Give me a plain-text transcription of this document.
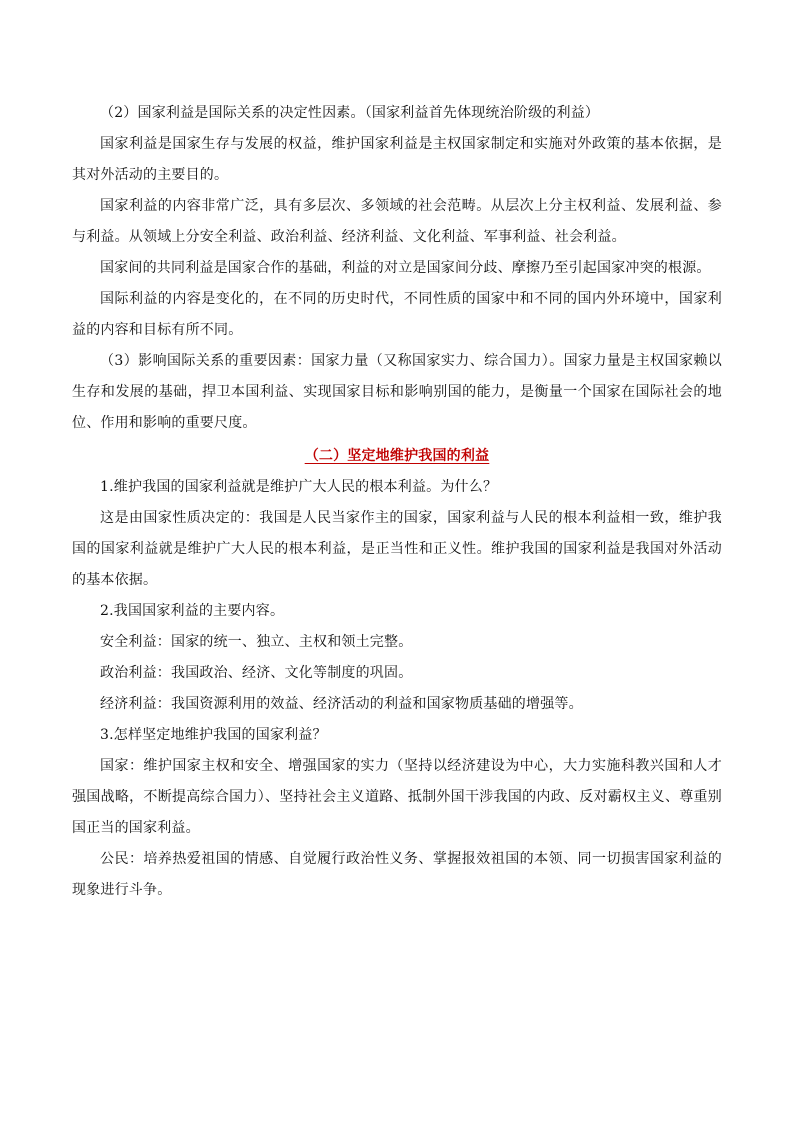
（2）国家利益是国际关系的决定性因素。（国家利益首先体现统治阶级的利益）

国家利益是国家生存与发展的权益，维护国家利益是主权国家制定和实施对外政策的基本依据，是其对外活动的主要目的。

国家利益的内容非常广泛，具有多层次、多领域的社会范畴。从层次上分主权利益、发展利益、参与利益。从领域上分安全利益、政治利益、经济利益、文化利益、军事利益、社会利益。

国家间的共同利益是国家合作的基础，利益的对立是国家间分歧、摩擦乃至引起国家冲突的根源。

国际利益的内容是变化的，在不同的历史时代，不同性质的国家中和不同的国内外环境中，国家利益的内容和目标有所不同。

（3）影响国际关系的重要因素：国家力量（又称国家实力、综合国力）。国家力量是主权国家赖以生存和发展的基础，捍卫本国利益、实现国家目标和影响别国的能力，是衡量一个国家在国际社会的地位、作用和影响的重要尺度。

（二）坚定地维护我国的利益

1.维护我国的国家利益就是维护广大人民的根本利益。为什么？

这是由国家性质决定的：我国是人民当家作主的国家，国家利益与人民的根本利益相一致，维护我国的国家利益就是维护广大人民的根本利益，是正当性和正义性。维护我国的国家利益是我国对外活动的基本依据。

2.我国国家利益的主要内容。

安全利益：国家的统一、独立、主权和领土完整。

政治利益：我国政治、经济、文化等制度的巩固。

经济利益：我国资源利用的效益、经济活动的利益和国家物质基础的增强等。

3.怎样坚定地维护我国的国家利益？

国家：维护国家主权和安全、增强国家的实力（坚持以经济建设为中心，大力实施科教兴国和人才强国战略，不断提高综合国力）、坚持社会主义道路、抵制外国干涉我国的内政、反对霸权主义、尊重别国正当的国家利益。

公民：培养热爱祖国的情感、自觉履行政治性义务、掌握报效祖国的本领、同一切损害国家利益的现象进行斗争。
